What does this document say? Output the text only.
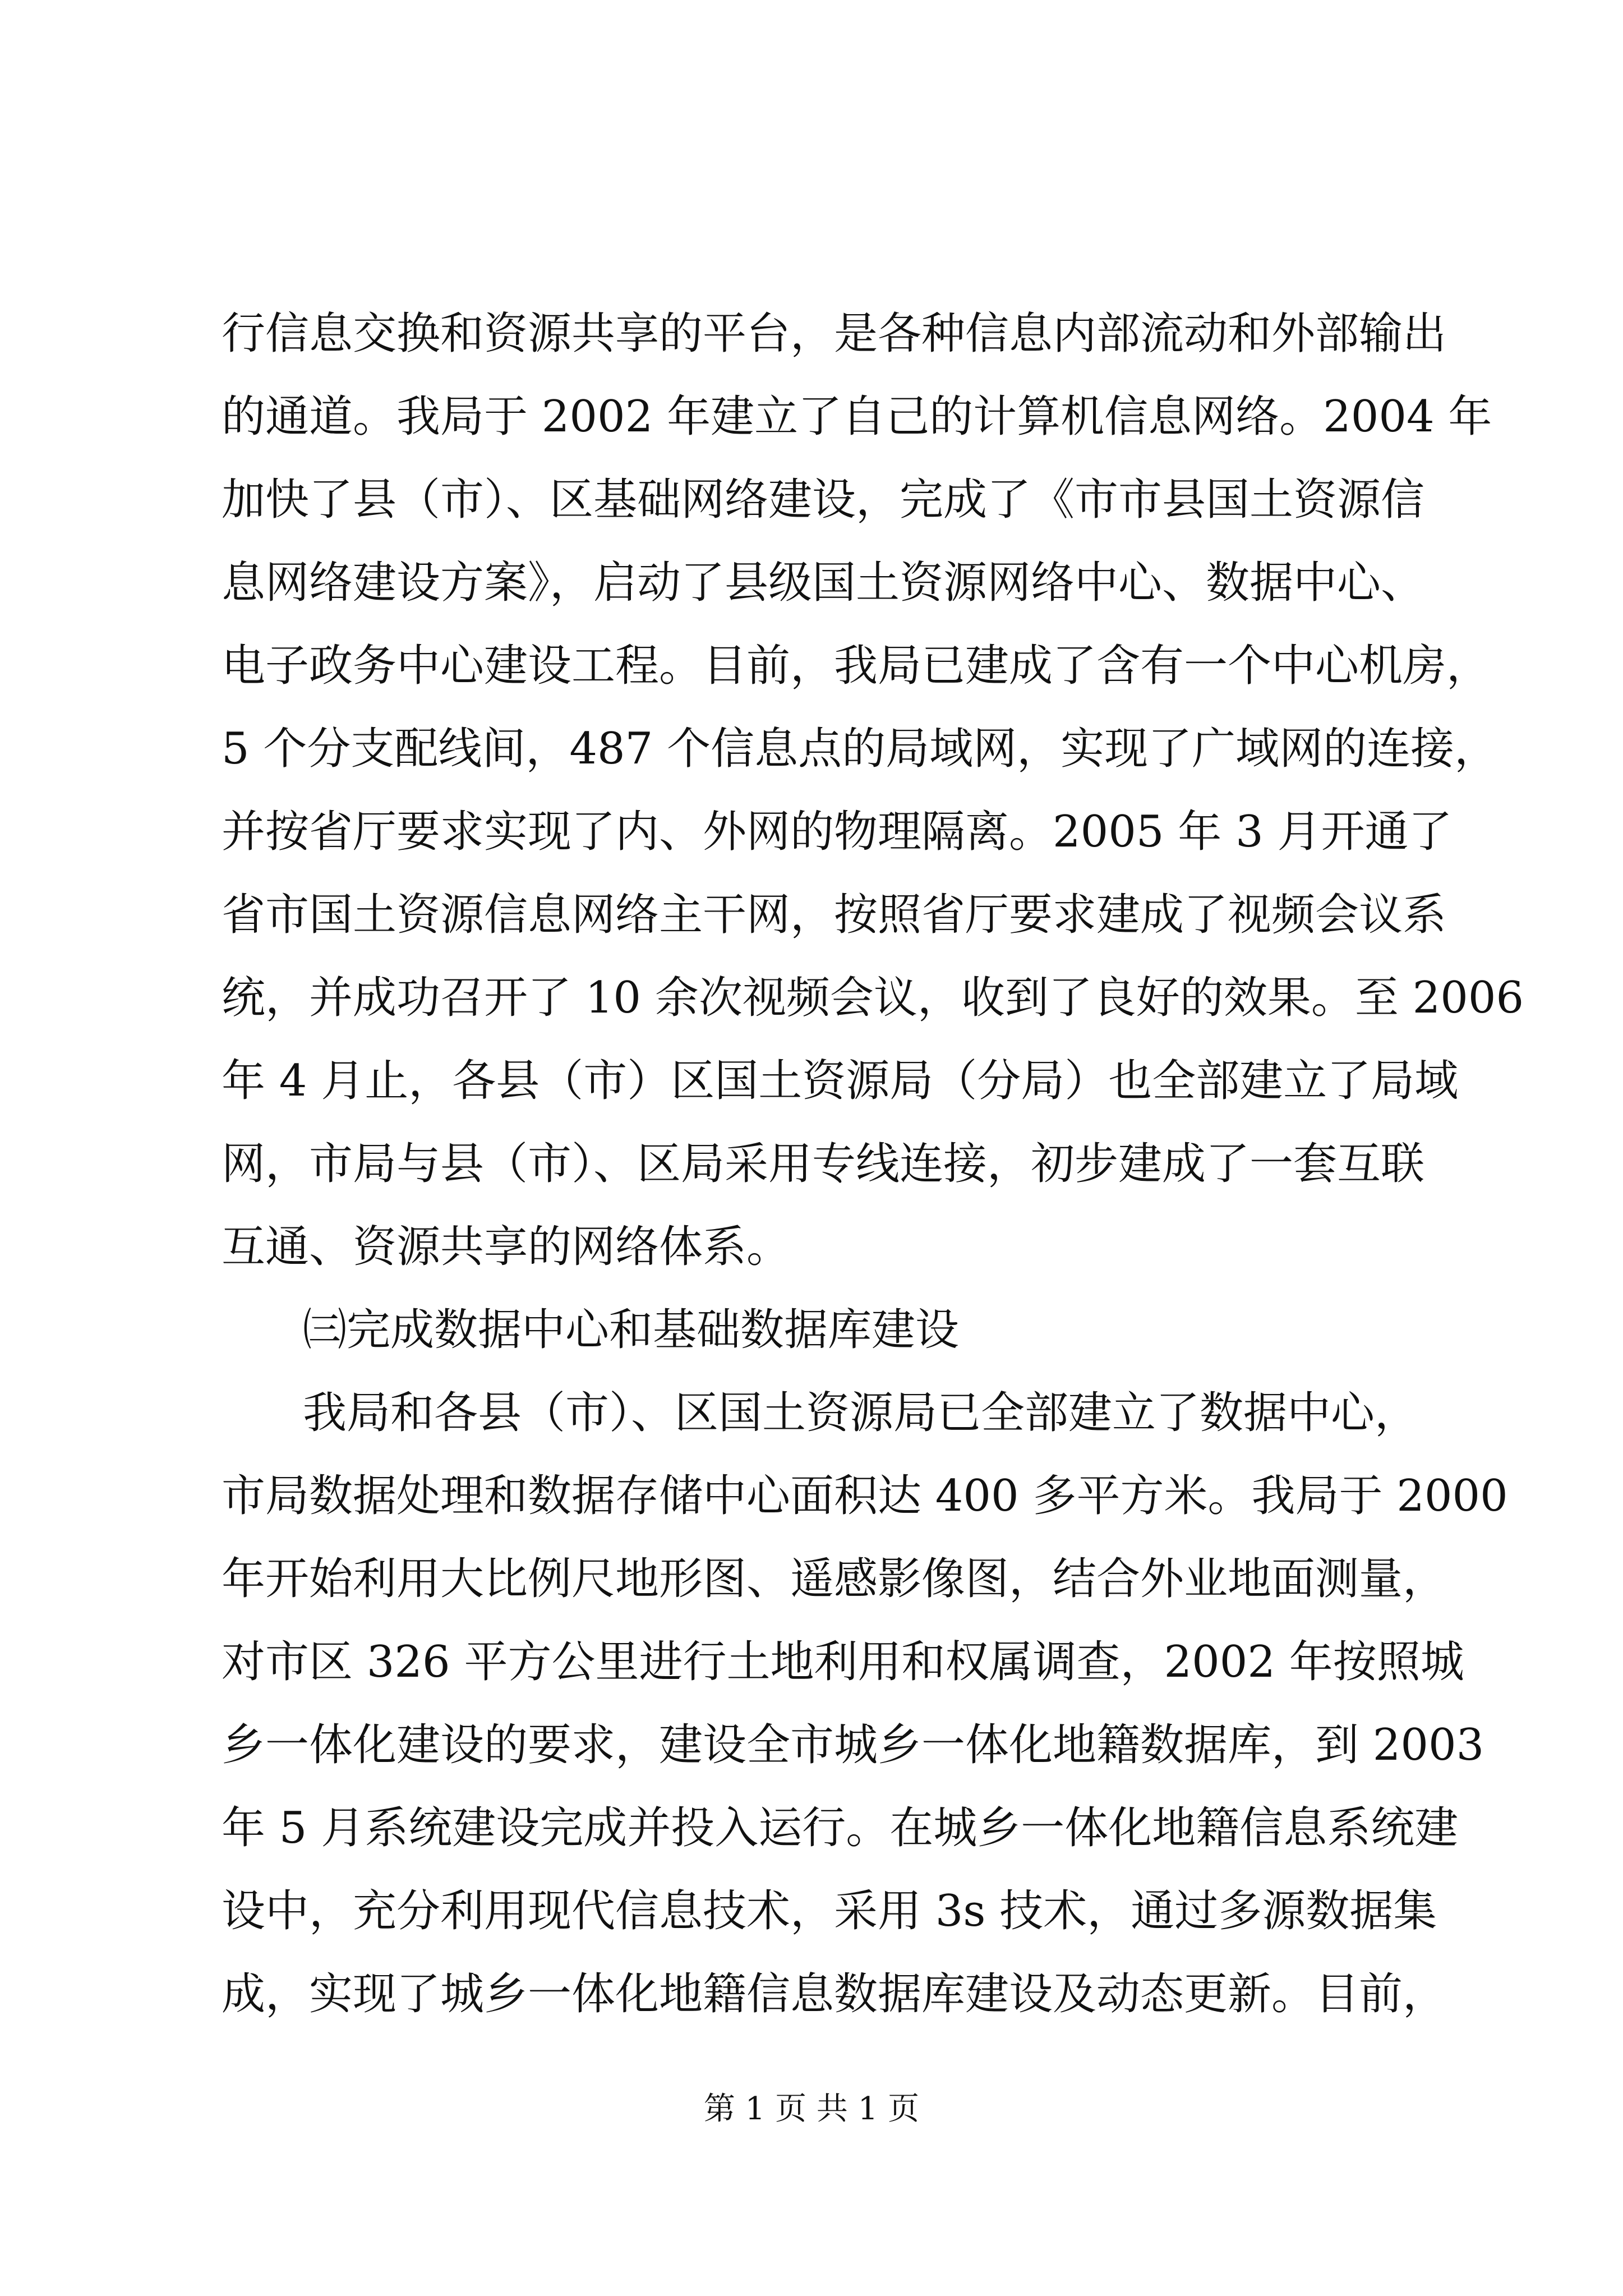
行信息交换和资源共享的平台，是各种信息内部流动和外部输出
的通道。我局于 2002 年建立了自己的计算机信息网络。2004 年
加快了县（市）、区基础网络建设，完成了《市市县国土资源信
息网络建设方案》，启动了县级国土资源网络中心、数据中心、
电子政务中心建设工程。目前，我局已建成了含有一个中心机房，
5 个分支配线间，487 个信息点的局域网，实现了广域网的连接，
并按省厅要求实现了内、外网的物理隔离。2005 年 3 月开通了
省市国土资源信息网络主干网，按照省厅要求建成了视频会议系
统，并成功召开了 10 余次视频会议，收到了良好的效果。至 2006
年 4 月止，各县（市）区国土资源局（分局）也全部建立了局域
网，市局与县（市）、区局采用专线连接，初步建成了一套互联
互通、资源共享的网络体系。
㈢完成数据中心和基础数据库建设
我局和各县（市）、区国土资源局已全部建立了数据中心，
市局数据处理和数据存储中心面积达 400 多平方米。我局于 2000
年开始利用大比例尺地形图、遥感影像图，结合外业地面测量，
对市区 326 平方公里进行土地利用和权属调查，2002 年按照城
乡一体化建设的要求，建设全市城乡一体化地籍数据库，到 2003
年 5 月系统建设完成并投入运行。在城乡一体化地籍信息系统建
设中，充分利用现代信息技术，采用 3s 技术，通过多源数据集
成，实现了城乡一体化地籍信息数据库建设及动态更新。目前，
第 1 页 共 1 页
